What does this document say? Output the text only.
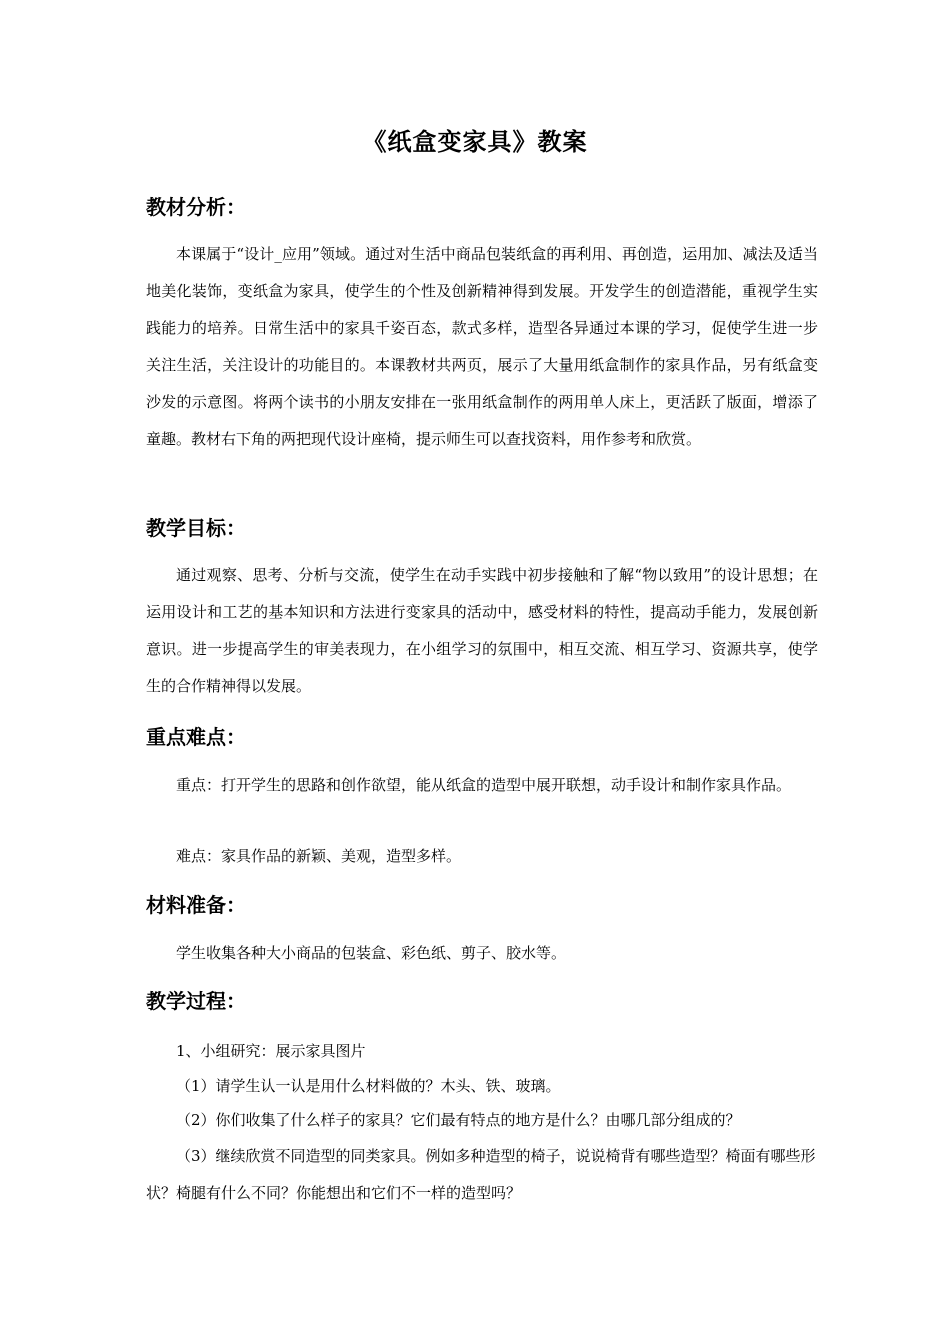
《纸盒变家具》教案
教材分析：

本课属于“设计_应用”领域。通过对生活中商品包装纸盒的再利用、再创造，运用加、减法及适当地美化装饰，变纸盒为家具，使学生的个性及创新精神得到发展。开发学生的创造潜能，重视学生实践能力的培养。日常生活中的家具千姿百态，款式多样，造型各异通过本课的学习，促使学生进一步关注生活，关注设计的功能目的。本课教材共两页，展示了大量用纸盒制作的家具作品，另有纸盒变沙发的示意图。将两个读书的小朋友安排在一张用纸盒制作的两用单人床上，更活跃了版面，增添了童趣。教材右下角的两把现代设计座椅，提示师生可以查找资料，用作参考和欣赏。

教学目标：

通过观察、思考、分析与交流，使学生在动手实践中初步接触和了解“物以致用”的设计思想；在运用设计和工艺的基本知识和方法进行变家具的活动中，感受材料的特性，提高动手能力，发展创新意识。进一步提高学生的审美表现力，在小组学习的氛围中，相互交流、相互学习、资源共享，使学生的合作精神得以发展。

重点难点：

重点：打开学生的思路和创作欲望，能从纸盒的造型中展开联想，动手设计和制作家具作品。

难点：家具作品的新颖、美观，造型多样。

材料准备：

学生收集各种大小商品的包装盒、彩色纸、剪子、胶水等。

教学过程：

1、小组研究：展示家具图片

（1）请学生认一认是用什么材料做的？木头、铁、玻璃。

（2）你们收集了什么样子的家具？它们最有特点的地方是什么？由哪几部分组成的？

（3）继续欣赏不同造型的同类家具。例如多种造型的椅子，说说椅背有哪些造型？椅面有哪些形状？椅腿有什么不同？你能想出和它们不一样的造型吗？
